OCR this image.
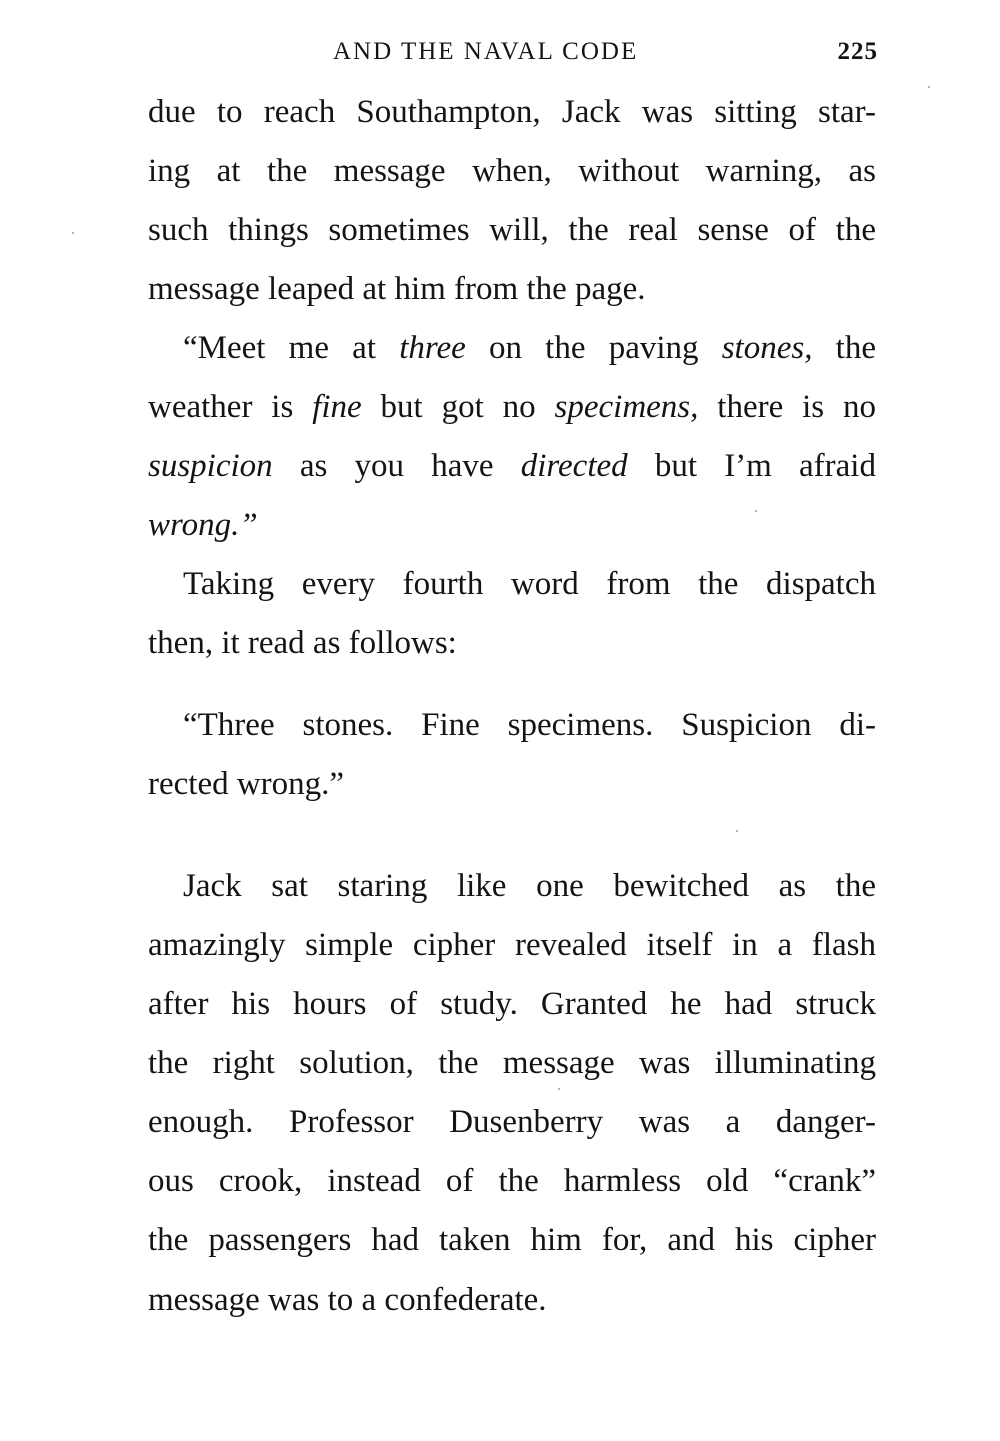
AND THE NAVAL CODE	225
due to reach Southampton, Jack was sitting star-
ing at the message when, without warning, as
such things sometimes will, the real sense of the
message leaped at him from the page.
“Meet me at three on the paving stones, the
weather is fine but got no specimens, there is no
suspicion as you have directed but I’m afraid
wrong.”
Taking every fourth word from the dispatch
then, it read as follows:
“Three stones. Fine specimens. Suspicion di-
rected wrong.”
Jack sat staring like one bewitched as the
amazingly simple cipher revealed itself in a flash
after his hours of study. Granted he had struck
the right solution, the message was illuminating
enough. Professor Dusenberry was a danger-
ous crook, instead of the harmless old “crank”
the passengers had taken him for, and his cipher
message was to a confederate.
